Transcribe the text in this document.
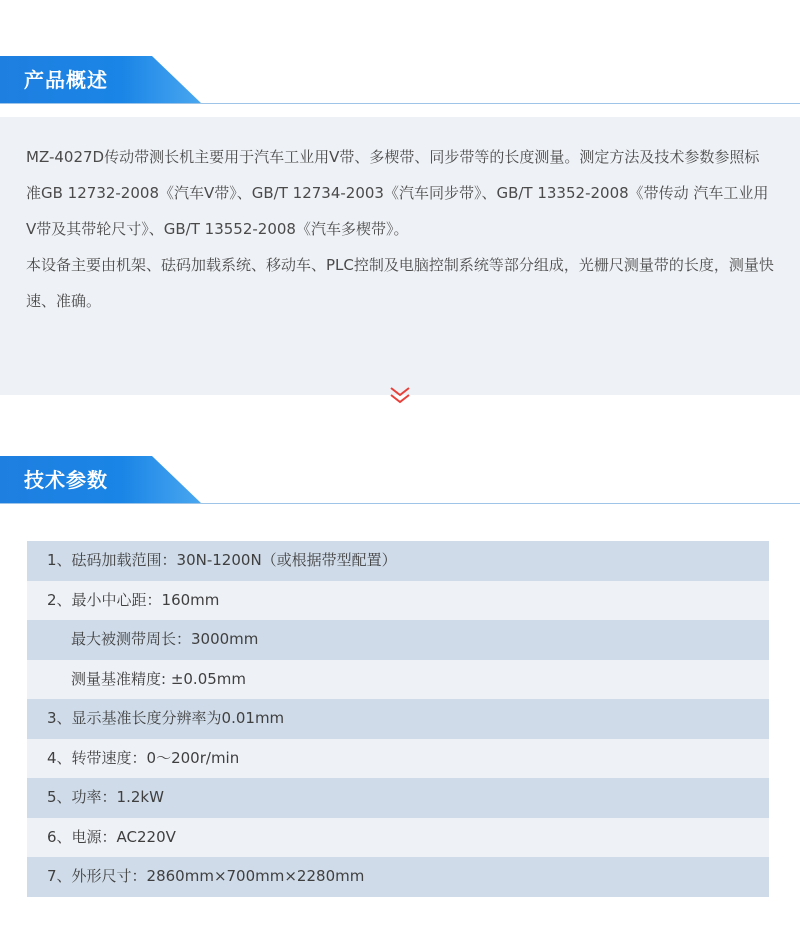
产品概述

MZ-4027D传动带测长机主要用于汽车工业用V带、多楔带、同步带等的长度测量。测定方法及技术参数参照标准GB 12732-2008《汽车V带》、GB/T 12734-2003《汽车同步带》、GB/T 13352-2008《带传动 汽车工业用V带及其带轮尺寸》、GB/T 13552-2008《汽车多楔带》。

本设备主要由机架、砝码加载系统、移动车、PLC控制及电脑控制系统等部分组成，光栅尺测量带的长度，测量快速、准确。

技术参数
1、砝码加载范围：30N-1200N（或根据带型配置）
2、最小中心距：160mm
最大被测带周长：3000mm
测量基准精度: ±0.05mm
3、显示基准长度分辨率为0.01mm
4、转带速度：0～200r/min
5、功率：1.2kW
6、电源：AC220V
7、外形尺寸：2860mm×700mm×2280mm
